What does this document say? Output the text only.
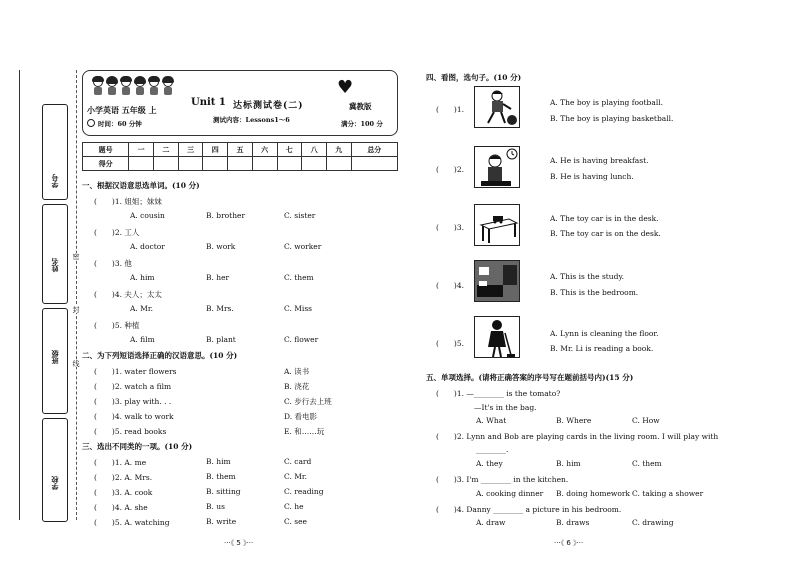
学号
姓名
班级
学校
密
封
线
♥
小学英语 五年级 上
Unit 1 达标测试卷(二)	冀教版
时间：60 分钟	测试内容：Lessons1～6	满分：100 分
题号	一	二	三	四	五	六	七	八	九	总分
得分										
一、根据汉语意思选单词。(10 分)
(　　)1. 姐姐；妹妹
A. cousin	B. brother	C. sister
(　　)2. 工人
A. doctor	B. work	C. worker
(　　)3. 他
A. him	B. her	C. them
(　　)4. 夫人；太太
A. Mr.	B. Mrs.	C. Miss
(　　)5. 种植
A. film	B. plant	C. flower
二、为下列短语选择正确的汉语意思。(10 分)
(　　)1. water flowers	A. 读书
(　　)2. watch a film	B. 浇花
(　　)3. play with. . .	C. 步行去上班
(　　)4. walk to work	D. 看电影
(　　)5. read books	E. 和……玩
三、选出不同类的一项。(10 分)
(　　)1. A. me	B. him	C. card
(　　)2. A. Mrs.	B. them	C. Mr.
(　　)3. A. cook	B. sitting	C. reading
(　　)4. A. she	B. us	C. he
(　　)5. A. watching	B. write	C. see
···《 5 》···
四、看图，选句子。(10 分)
(　　)1.
A. The boy is playing football.
B. The boy is playing basketball.
(　　)2.
A. He is having breakfast.
B. He is having lunch.
(　　)3.
A. The toy car is in the desk.
B. The toy car is on the desk.
(　　)4.
A. This is the study.
B. This is the bedroom.
(　　)5.
A. Lynn is cleaning the floor.
B. Mr. Li is reading a book.
五、单项选择。(请将正确答案的序号写在题前括号内)(15 分)
(　　)1. —________ is the tomato?
—It's in the bag.
A. What	B. Where	C. How
(　　)2. Lynn and Bob are playing cards in the living room. I will play with
________.
A. they	B. him	C. them
(　　)3. I'm ________ in the kitchen.
A. cooking dinner B. doing homework C. taking a shower
(　　)4. Danny ________ a picture in his bedroom.
A. draw	B. draws	C. drawing
···《 6 》···
